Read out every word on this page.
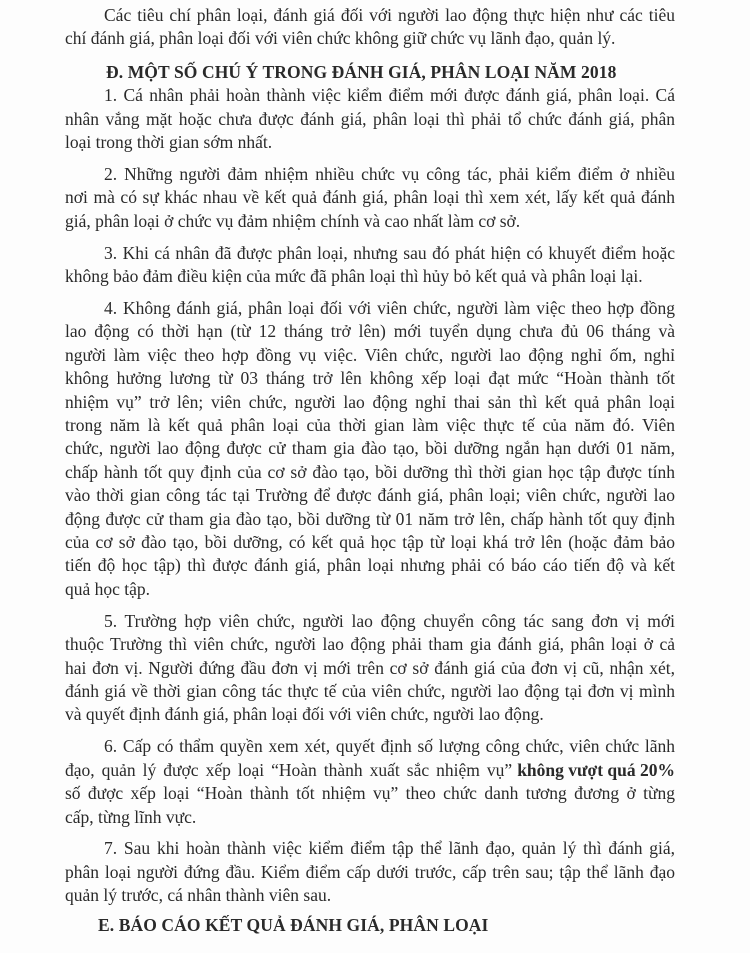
Các tiêu chí phân loại, đánh giá đối với người lao động thực hiện như các tiêu
chí đánh giá, phân loại đối với viên chức không giữ chức vụ lãnh đạo, quản lý.
Đ. MỘT SỐ CHÚ Ý TRONG ĐÁNH GIÁ, PHÂN LOẠI NĂM 2018
1. Cá nhân phải hoàn thành việc kiểm điểm mới được đánh giá, phân loại. Cá
nhân vắng mặt hoặc chưa được đánh giá, phân loại thì phải tổ chức đánh giá, phân
loại trong thời gian sớm nhất.
2. Những người đảm nhiệm nhiều chức vụ công tác, phải kiểm điểm ở nhiều
nơi mà có sự khác nhau về kết quả đánh giá, phân loại thì xem xét, lấy kết quả đánh
giá, phân loại ở chức vụ đảm nhiệm chính và cao nhất làm cơ sở.
3. Khi cá nhân đã được phân loại, nhưng sau đó phát hiện có khuyết điểm hoặc
không bảo đảm điều kiện của mức đã phân loại thì hủy bỏ kết quả và phân loại lại.
4. Không đánh giá, phân loại đối với viên chức, người làm việc theo hợp đồng
lao động có thời hạn (từ 12 tháng trở lên) mới tuyển dụng chưa đủ 06 tháng và
người làm việc theo hợp đồng vụ việc. Viên chức, người lao động nghỉ ốm, nghỉ
không hưởng lương từ 03 tháng trở lên không xếp loại đạt mức “Hoàn thành tốt
nhiệm vụ” trở lên; viên chức, người lao động nghỉ thai sản thì kết quả phân loại
trong năm là kết quả phân loại của thời gian làm việc thực tế của năm đó. Viên
chức, người lao động được cử tham gia đào tạo, bồi dưỡng ngắn hạn dưới 01 năm,
chấp hành tốt quy định của cơ sở đào tạo, bồi dưỡng thì thời gian học tập được tính
vào thời gian công tác tại Trường để được đánh giá, phân loại; viên chức, người lao
động được cử tham gia đào tạo, bồi dưỡng từ 01 năm trở lên, chấp hành tốt quy định
của cơ sở đào tạo, bồi dưỡng, có kết quả học tập từ loại khá trở lên (hoặc đảm bảo
tiến độ học tập) thì được đánh giá, phân loại nhưng phải có báo cáo tiến độ và kết
quả học tập.
5. Trường hợp viên chức, người lao động chuyển công tác sang đơn vị mới
thuộc Trường thì viên chức, người lao động phải tham gia đánh giá, phân loại ở cả
hai đơn vị. Người đứng đầu đơn vị mới trên cơ sở đánh giá của đơn vị cũ, nhận xét,
đánh giá về thời gian công tác thực tế của viên chức, người lao động tại đơn vị mình
và quyết định đánh giá, phân loại đối với viên chức, người lao động.
6. Cấp có thẩm quyền xem xét, quyết định số lượng công chức, viên chức lãnh
đạo, quản lý được xếp loại “Hoàn thành xuất sắc nhiệm vụ” không vượt quá 20%
số được xếp loại “Hoàn thành tốt nhiệm vụ” theo chức danh tương đương ở từng
cấp, từng lĩnh vực.
7. Sau khi hoàn thành việc kiểm điểm tập thể lãnh đạo, quản lý thì đánh giá,
phân loại người đứng đầu. Kiểm điểm cấp dưới trước, cấp trên sau; tập thể lãnh đạo
quản lý trước, cá nhân thành viên sau.
E. BÁO CÁO KẾT QUẢ ĐÁNH GIÁ, PHÂN LOẠI
